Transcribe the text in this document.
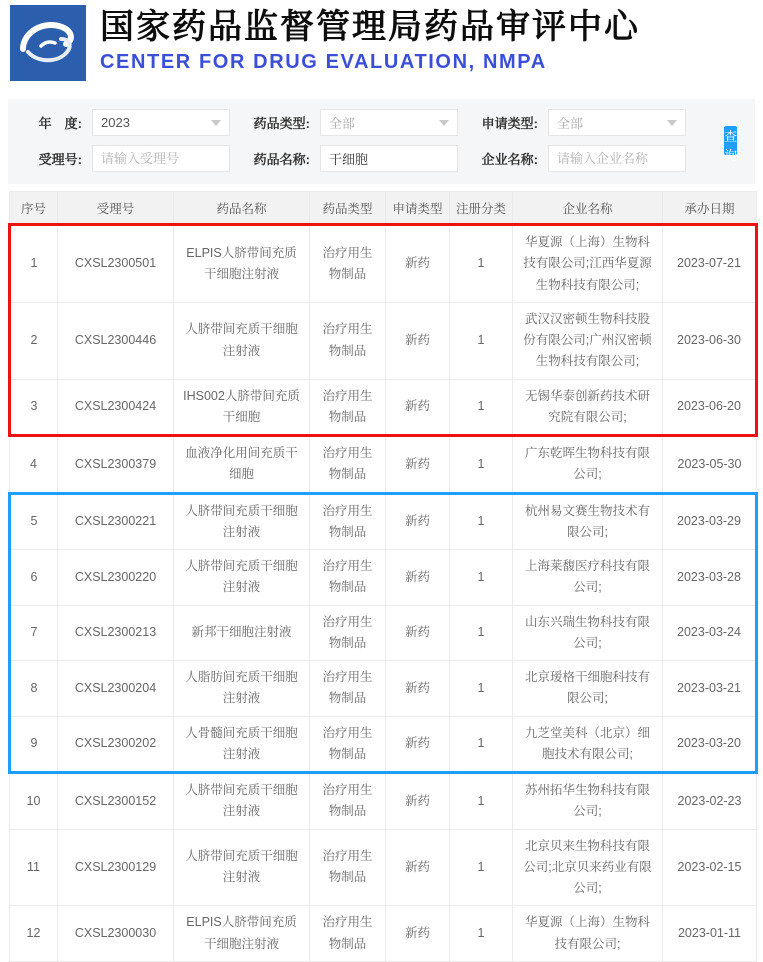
国家药品监督管理局药品审评中心
CENTER FOR DRUG EVALUATION, NMPA
年　度: 2023	药品类型: 全部	申请类型: 全部
受理号:
请输入受理号	药品名称:
干细胞	企业名称:
请输入企业名称
查询
序号	受理号	药品名称	药品类型	申请类型	注册分类	企业名称	承办日期
1	CXSL2300501	ELPIS人脐带间充质干细胞注射液	治疗用生物制品	新药	1	华夏源（上海）生物科技有限公司;江西华夏源生物科技有限公司;	2023-07-21
2	CXSL2300446	人脐带间充质干细胞注射液	治疗用生物制品	新药	1	武汉汉密顿生物科技股份有限公司;广州汉密顿生物科技有限公司;	2023-06-30
3	CXSL2300424	IHS002人脐带间充质干细胞	治疗用生物制品	新药	1	无锡华泰创新药技术研究院有限公司;	2023-06-20
4	CXSL2300379	血液净化用间充质干细胞	治疗用生物制品	新药	1	广东乾晖生物科技有限公司;	2023-05-30
5	CXSL2300221	人脐带间充质干细胞注射液	治疗用生物制品	新药	1	杭州易文赛生物技术有限公司;	2023-03-29
6	CXSL2300220	人脐带间充质干细胞注射液	治疗用生物制品	新药	1	上海莱馥医疗科技有限公司;	2023-03-28
7	CXSL2300213	新邦干细胞注射液	治疗用生物制品	新药	1	山东兴瑞生物科技有限公司;	2023-03-24
8	CXSL2300204	人脂肪间充质干细胞注射液	治疗用生物制品	新药	1	北京瑷格干细胞科技有限公司;	2023-03-21
9	CXSL2300202	人骨髓间充质干细胞注射液	治疗用生物制品	新药	1	九芝堂美科（北京）细胞技术有限公司;	2023-03-20
10	CXSL2300152	人脐带间充质干细胞注射液	治疗用生物制品	新药	1	苏州拓华生物科技有限公司;	2023-02-23
11	CXSL2300129	人脐带间充质干细胞注射液	治疗用生物制品	新药	1	北京贝来生物科技有限公司;北京贝来药业有限公司;	2023-02-15
12	CXSL2300030	ELPIS人脐带间充质干细胞注射液	治疗用生物制品	新药	1	华夏源（上海）生物科技有限公司;	2023-01-11
